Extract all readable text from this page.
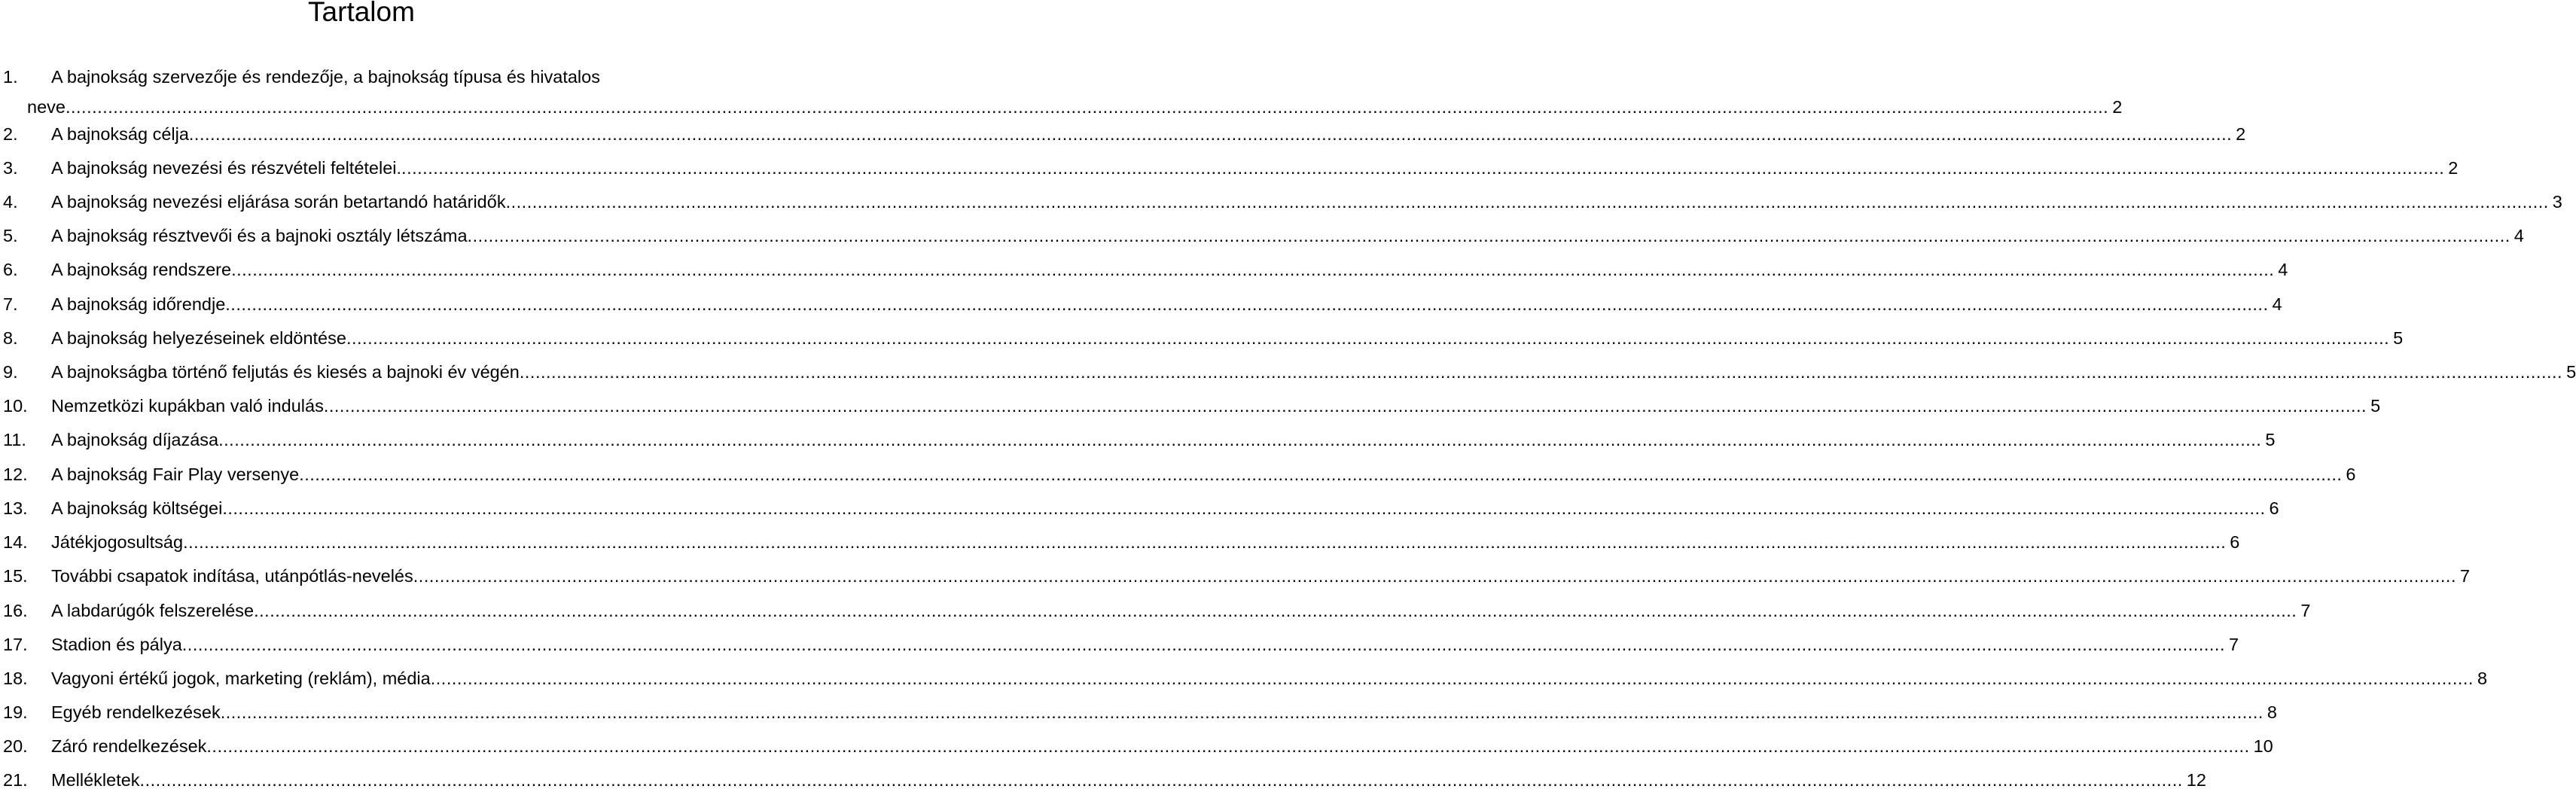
Tartalom
1. A bajnokság szervezője és rendezője, a bajnokság típusa és hivatalos
neve .....	2
2. A bajnokság célja .....	2
3. A bajnokság nevezési és részvételi feltételei. .....	2
4. A bajnokság nevezési eljárása során betartandó határidők .....	3
5. A bajnokság résztvevői és a bajnoki osztály létszáma .....	4
6. A bajnokság rendszere .....	4
7. A bajnokság időrendje .....	4
8. A bajnokság helyezéseinek eldöntése .....	5
9. A bajnokságba történő feljutás és kiesés a bajnoki év végén .....	5
10. Nemzetközi kupákban való indulás .....	5
11. A bajnokság díjazása .....	5
12. A bajnokság Fair Play versenye .....	6
13. A bajnokság költségei .....	6
14. Játékjogosultság .....	6
15. További csapatok indítása, utánpótlás-nevelés .....	7
16. A labdarúgók felszerelése .....	7
17. Stadion és pálya .....	7
18. Vagyoni értékű jogok, marketing (reklám), média .....	8
19. Egyéb rendelkezések .....	8
20. Záró rendelkezések .....	10
21. Mellékletek .....	12
